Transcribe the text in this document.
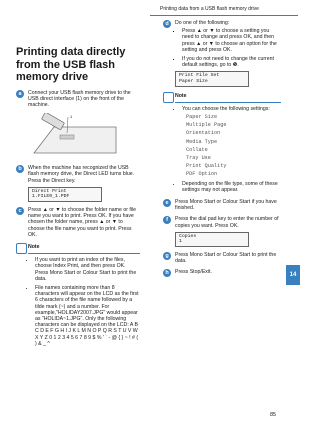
Printing data from a USB flash memory drive
Printing data directly from the USB flash memory drive
a	Connect your USB flash memory drive to the USB direct interface (1) on the front of the machine.
1
b	When the machine has recognized the USB flash memory drive, the Direct LED turns blue. Press the Direct key.
Direct Print
1.FILE0_1.PDF
c	Press ▲ or ▼ to choose the folder name or file name you want to print. Press OK. If you have chosen the folder name, press ▲ or ▼ to choose the file name you want to print. Press OK.
Note
• If you want to print an index of the files, choose Index Print, and then press OK. Press Mono Start or Colour Start to print the data.
• File names containing more than 8 characters will appear on the LCD as the first 6 characters of the file name followed by a tilde mark (~) and a number. For example,"HOLIDAY2007.JPG" would appear as "HOLIDA~1.JPG". Only the following characters can be displayed on the LCD: A B C D E F G H I J K L M N O P Q R S T U V W X Y Z 0 1 2 3 4 5 6 7 8 9 $ % ' ` - @ { } ~ ! # ( ) & _ ^
d	Do one of the following:
▪ Press ▲ or ▼ to choose a setting you need to change and press OK, and then press ▲ or ▼ to choose an option for the setting and press OK.
▪ If you do not need to change the current default settings, go to ❺.
Print File Set
Paper Size
Note
• You can choose the following settings:
Paper Size
Multiple Page
Orientation
Media Type
Collate
Tray Use
Print Quality
PDF Option
• Depending on the file type, some of these settings may not appear.
e	Press Mono Start or Colour Start if you have finished.
f	Press the dial pad key to enter the number of copies you want. Press OK.
Copies
1
g	Press Mono Start or Colour Start to print the data.
h	Press Stop/Exit.	14
85
